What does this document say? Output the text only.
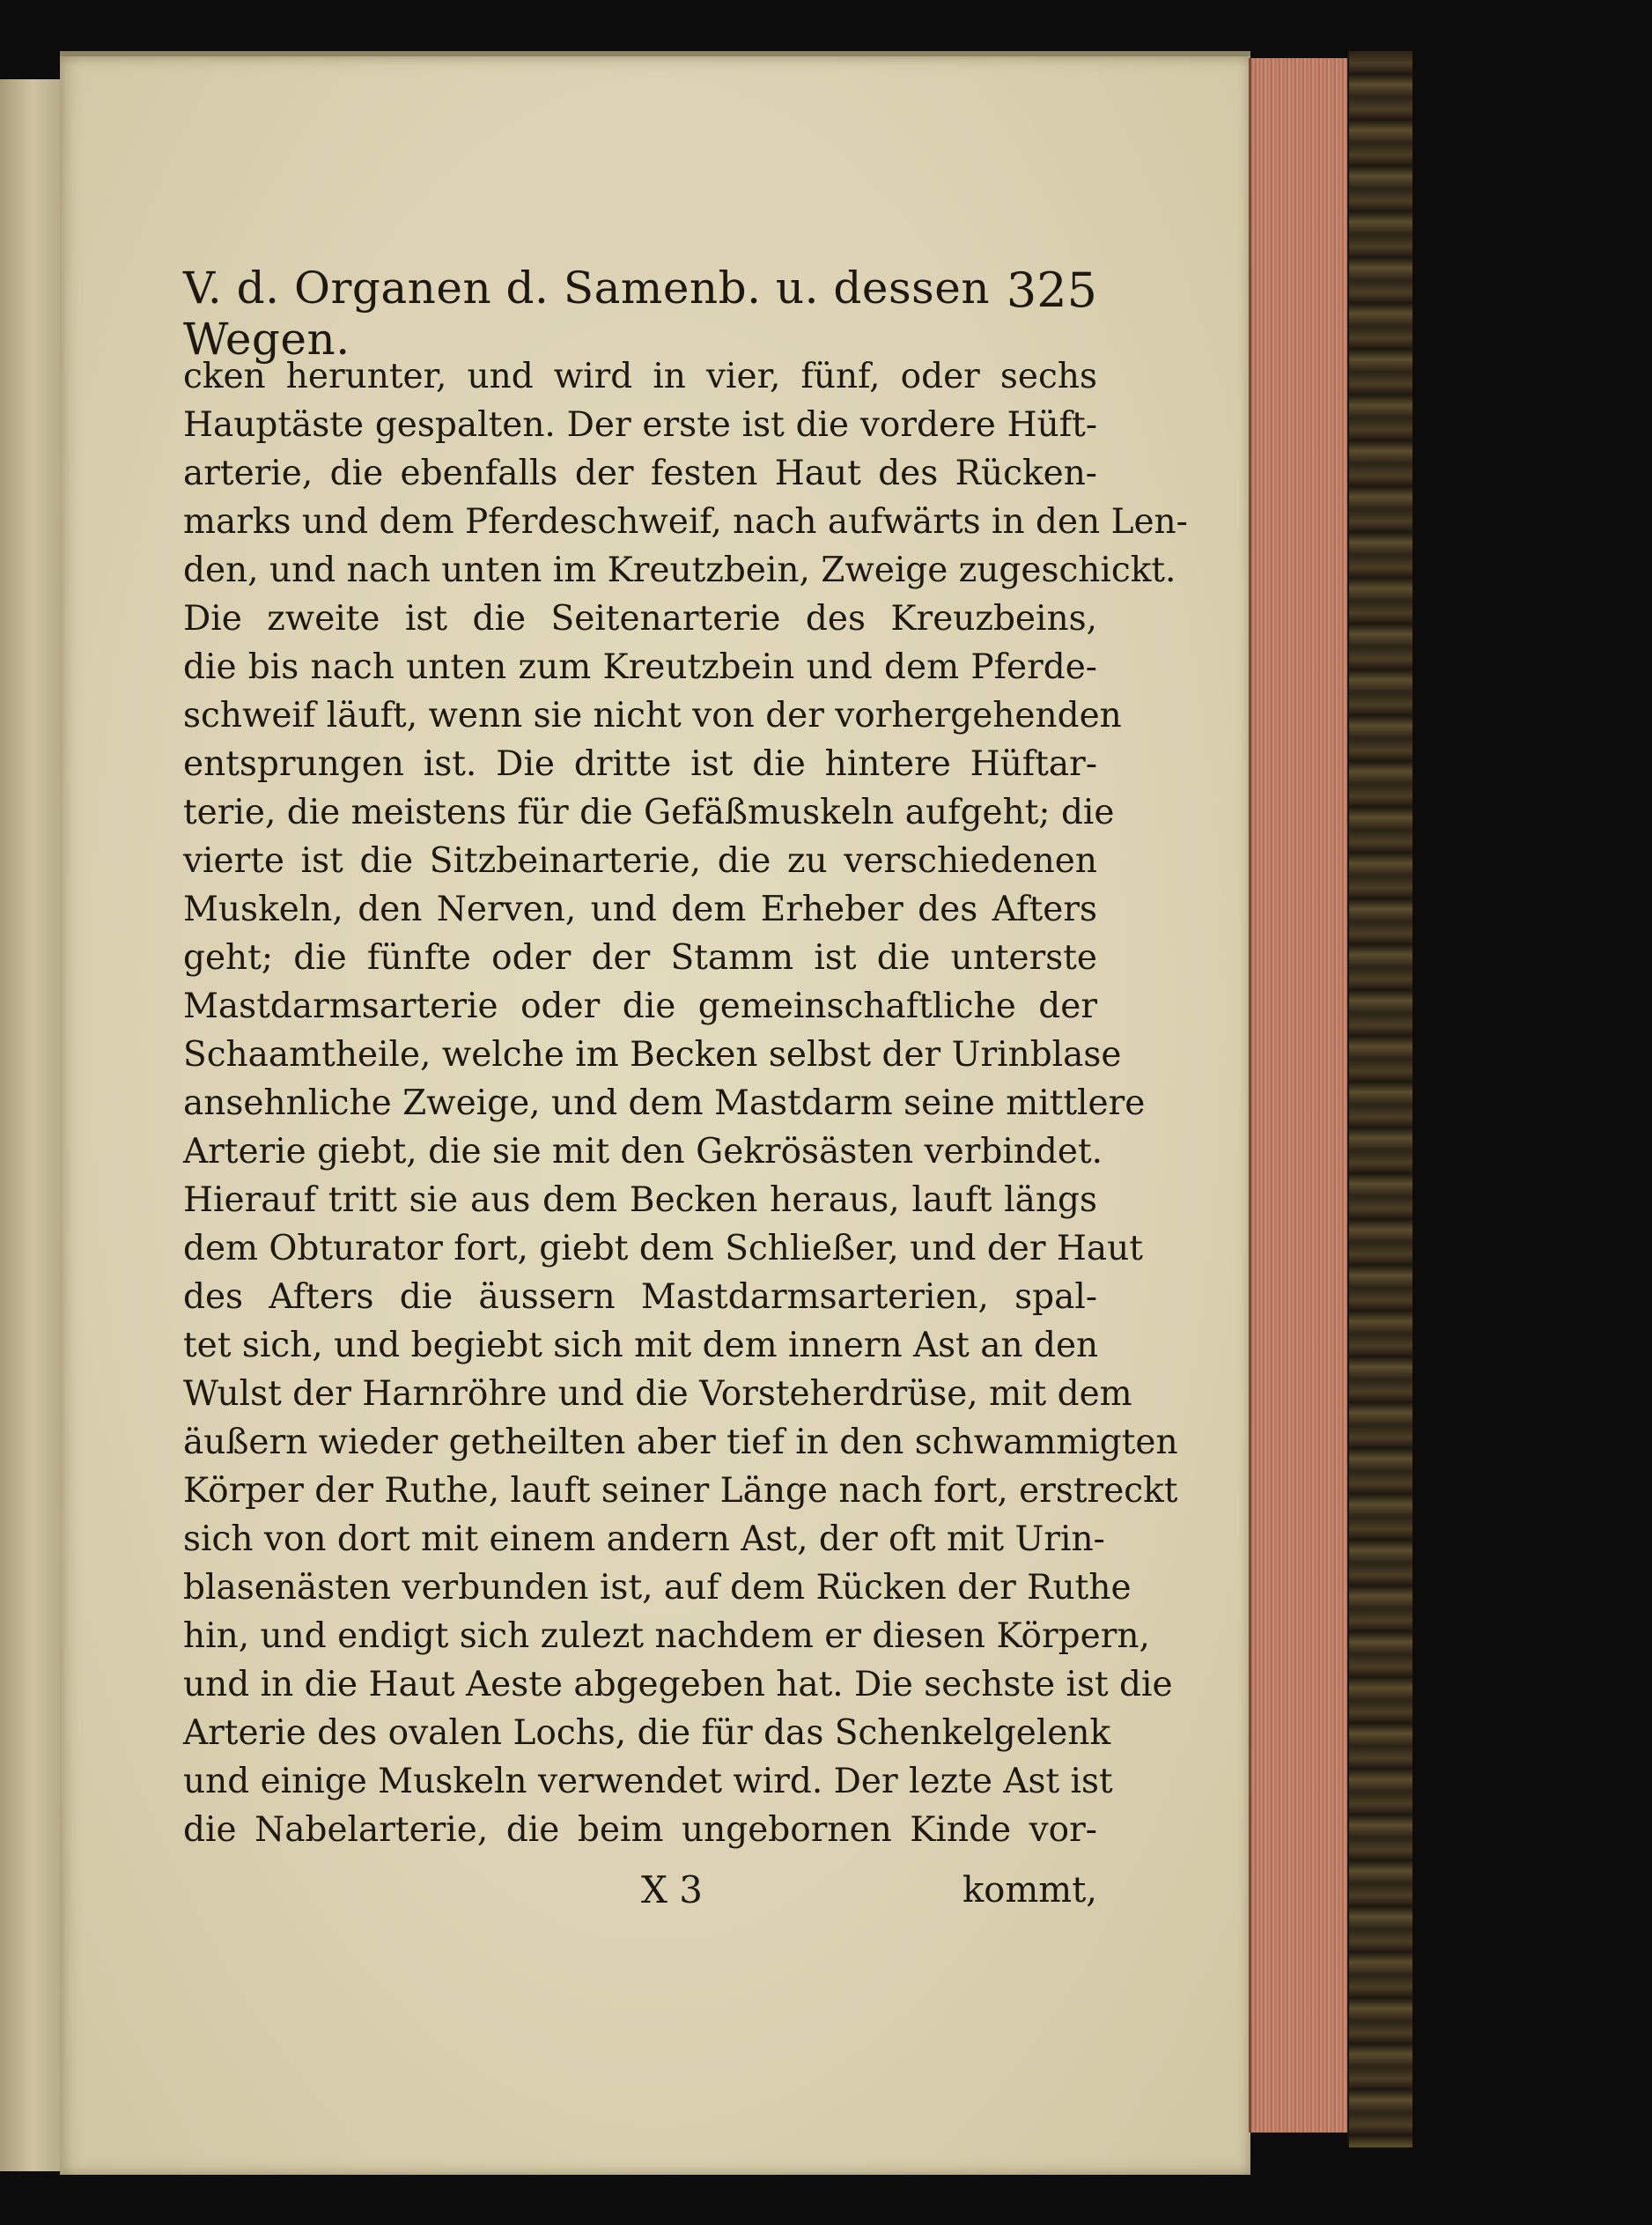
V. d. Organen d. Samenb. u. dessen Wegen.
325
cken herunter, und wird in vier, fünf, oder sechs
Hauptäste gespalten. Der erste ist die vordere Hüft-
arterie, die ebenfalls der festen Haut des Rücken-
marks und dem Pferdeschweif, nach aufwärts in den Len-
den, und nach unten im Kreutzbein, Zweige zugeschickt.
Die zweite ist die Seitenarterie des Kreuzbeins,
die bis nach unten zum Kreutzbein und dem Pferde-
schweif läuft, wenn sie nicht von der vorhergehenden
entsprungen ist. Die dritte ist die hintere Hüftar-
terie, die meistens für die Gefäßmuskeln aufgeht; die
vierte ist die Sitzbeinarterie, die zu verschiedenen
Muskeln, den Nerven, und dem Erheber des Afters
geht; die fünfte oder der Stamm ist die unterste
Mastdarmsarterie oder die gemeinschaftliche der
Schaamtheile, welche im Becken selbst der Urinblase
ansehnliche Zweige, und dem Mastdarm seine mittlere
Arterie giebt, die sie mit den Gekrösästen verbindet.
Hierauf tritt sie aus dem Becken heraus, lauft längs
dem Obturator fort, giebt dem Schließer, und der Haut
des Afters die äussern Mastdarmsarterien, spal-
tet sich, und begiebt sich mit dem innern Ast an den
Wulst der Harnröhre und die Vorsteherdrüse, mit dem
äußern wieder getheilten aber tief in den schwammigten
Körper der Ruthe, lauft seiner Länge nach fort, erstreckt
sich von dort mit einem andern Ast, der oft mit Urin-
blasenästen verbunden ist, auf dem Rücken der Ruthe
hin, und endigt sich zulezt nachdem er diesen Körpern,
und in die Haut Aeste abgegeben hat. Die sechste ist die
Arterie des ovalen Lochs, die für das Schenkelgelenk
und einige Muskeln verwendet wird. Der lezte Ast ist
die Nabelarterie, die beim ungebornen Kinde vor-
X 3	kommt,
